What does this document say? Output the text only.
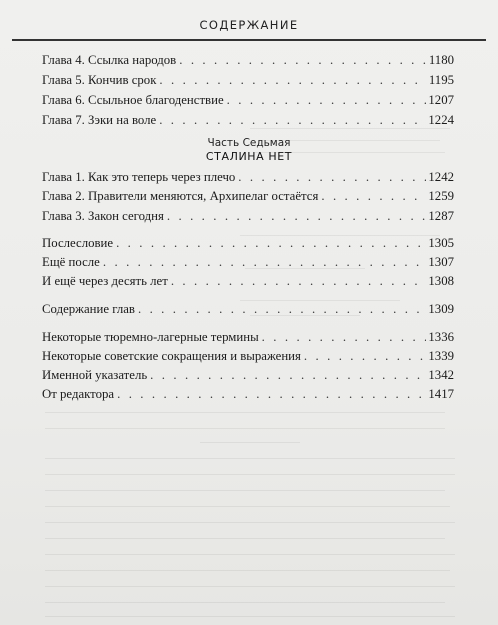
СОДЕРЖАНИЕ
Глава 4. Ссылка народов . . .	1180
Глава 5. Кончив срок . . .	1195
Глава 6. Ссыльное благоденствие . . .	1207
Глава 7. Зэки на воле . . .	1224
Часть Седьмая
СТАЛИНА НЕТ
Глава 1. Как это теперь через плечо . . .	1242
Глава 2. Правители меняются, Архипелаг остаётся . . .	1259
Глава 3. Закон сегодня . . .	1287
Послесловие . . .	1305
Ещё после . . .	1307
И ещё через десять лет . . .	1308
Содержание глав . . .	1309
Некоторые тюремно-лагерные термины . . .	1336
Некоторые советские сокращения и выражения . . .	1339
Именной указатель . . .	1342
От редактора . . .	1417
